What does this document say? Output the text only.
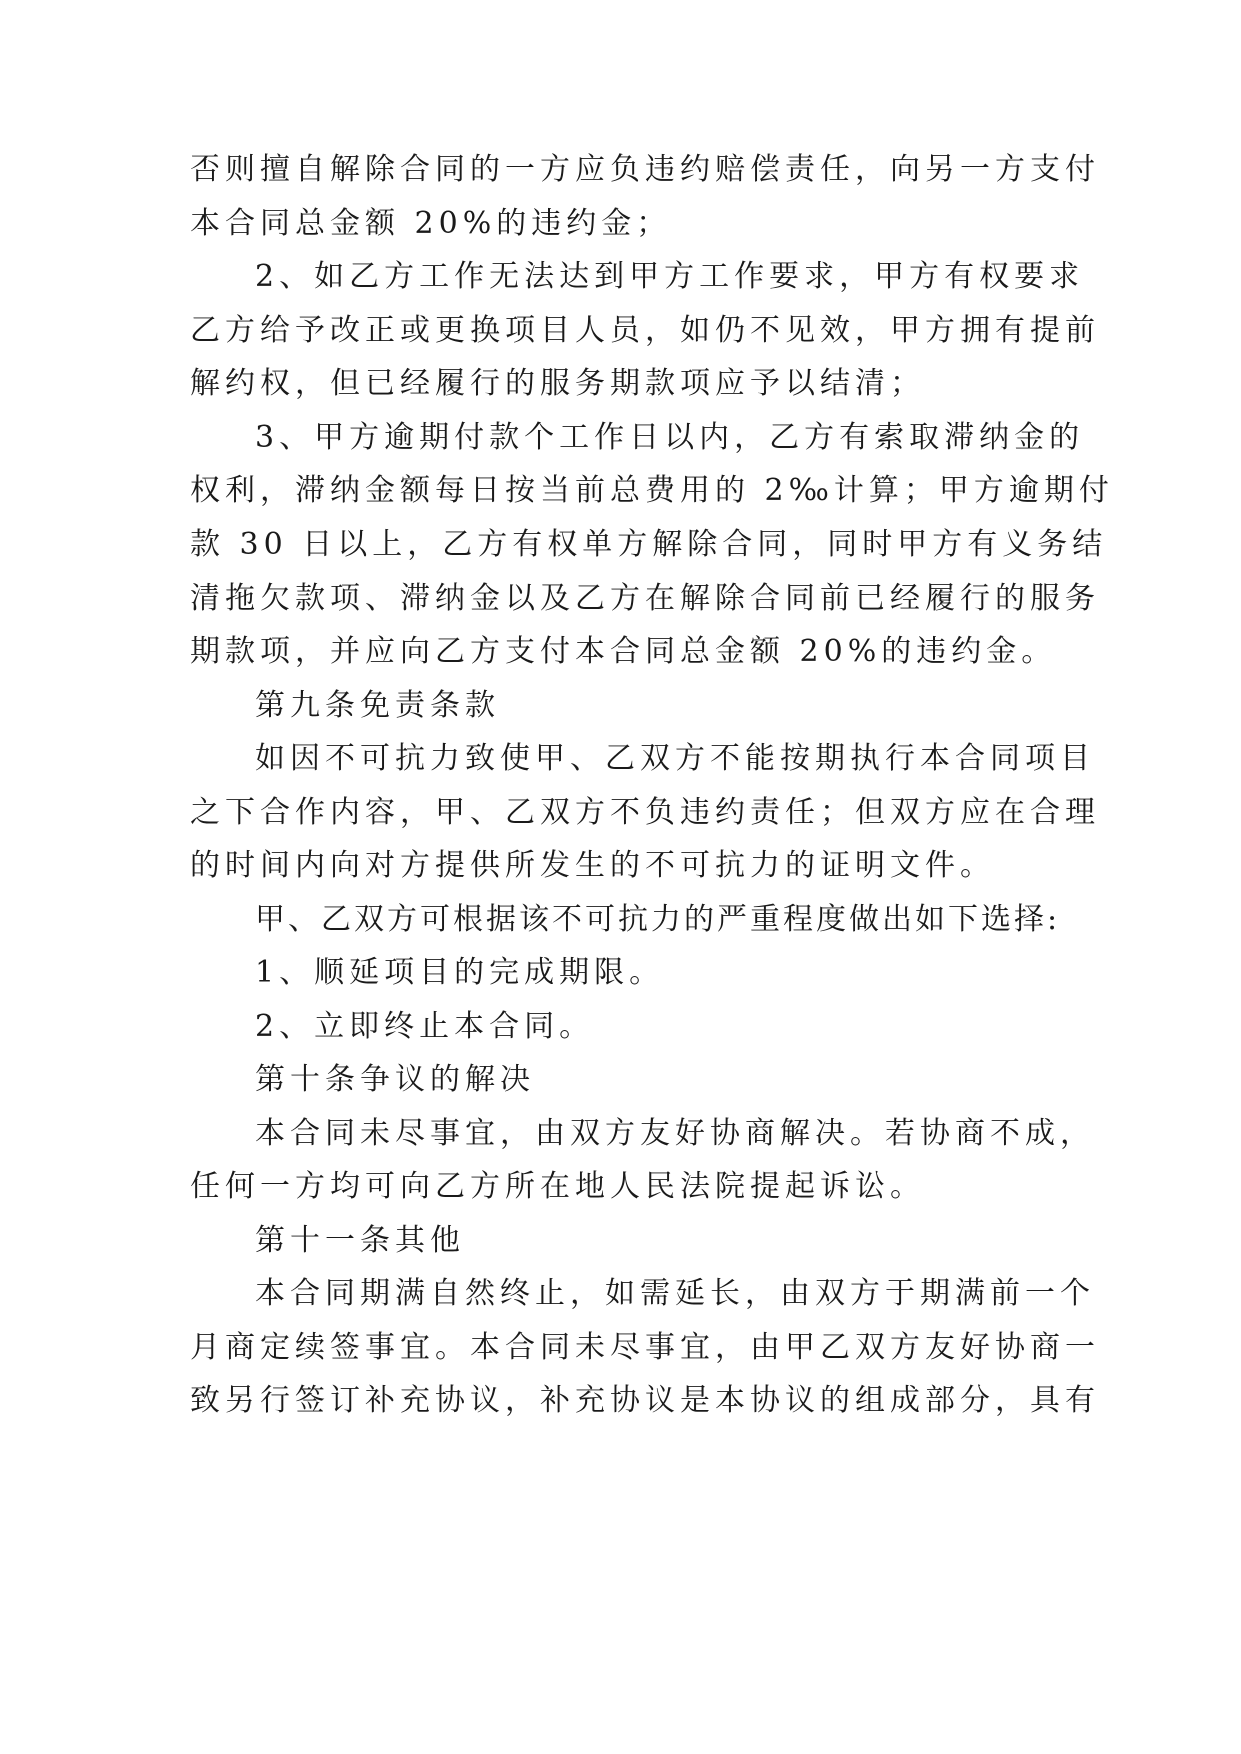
否则擅自解除合同的一方应负违约赔偿责任，向另一方支付
本合同总金额 20%的违约金；
2、如乙方工作无法达到甲方工作要求，甲方有权要求
乙方给予改正或更换项目人员，如仍不见效，甲方拥有提前
解约权，但已经履行的服务期款项应予以结清；
3、甲方逾期付款个工作日以内，乙方有索取滞纳金的
权利，滞纳金额每日按当前总费用的 2‰计算；甲方逾期付
款 30 日以上，乙方有权单方解除合同，同时甲方有义务结
清拖欠款项、滞纳金以及乙方在解除合同前已经履行的服务
期款项，并应向乙方支付本合同总金额 20%的违约金。
第九条免责条款
如因不可抗力致使甲、乙双方不能按期执行本合同项目
之下合作内容，甲、乙双方不负违约责任；但双方应在合理
的时间内向对方提供所发生的不可抗力的证明文件。
甲、乙双方可根据该不可抗力的严重程度做出如下选择:
1、顺延项目的完成期限。
2、立即终止本合同。
第十条争议的解决
本合同未尽事宜，由双方友好协商解决。若协商不成，
任何一方均可向乙方所在地人民法院提起诉讼。
第十一条其他
本合同期满自然终止，如需延长，由双方于期满前一个
月商定续签事宜。本合同未尽事宜，由甲乙双方友好协商一
致另行签订补充协议，补充协议是本协议的组成部分，具有
